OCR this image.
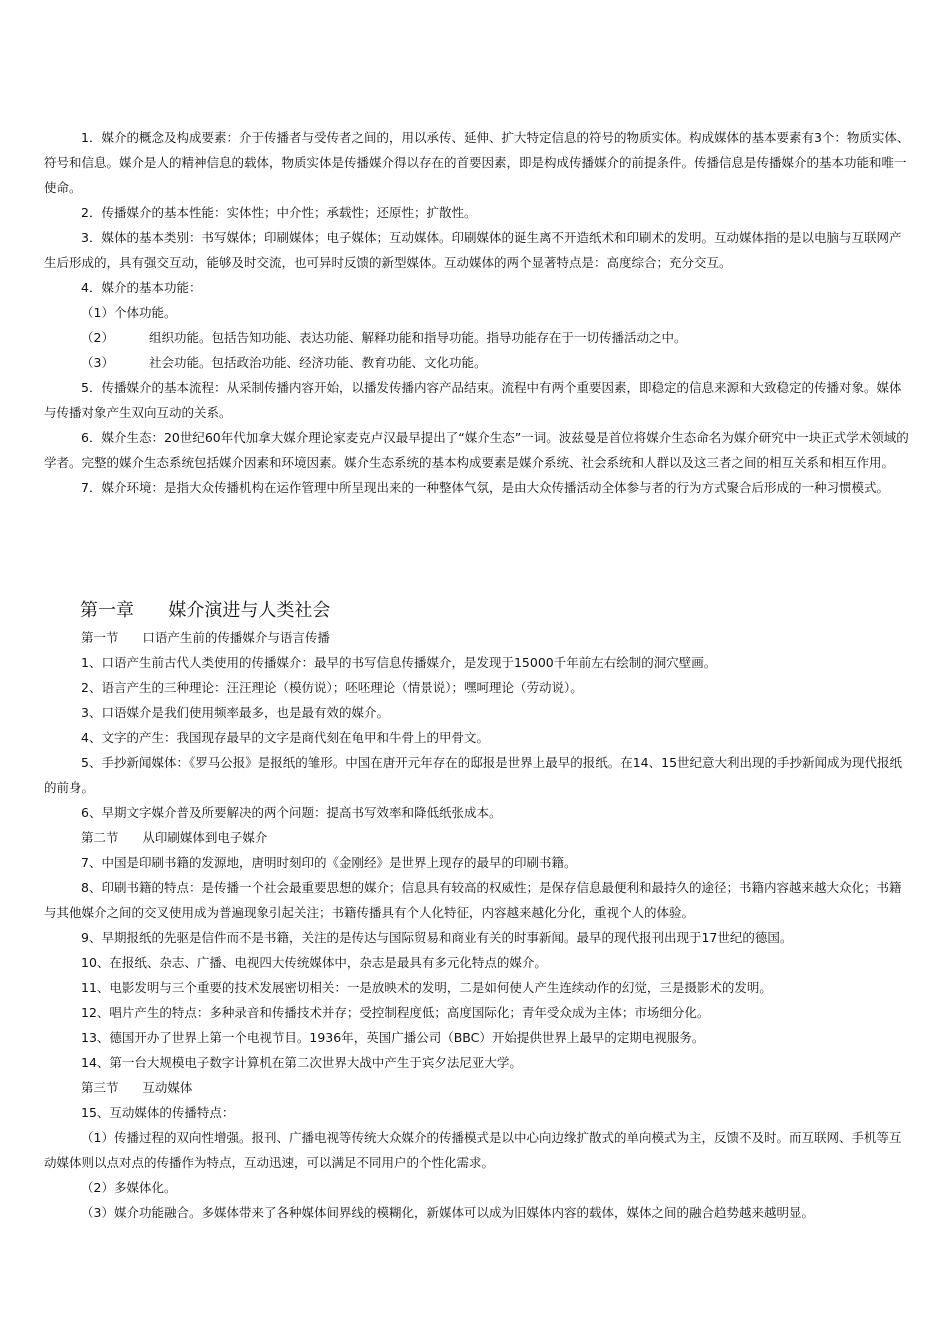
1．媒介的概念及构成要素：介于传播者与受传者之间的，用以承传、延伸、扩大特定信息的符号的物质实体。构成媒体的基本要素有3个：物质实体、符号和信息。媒介是人的精神信息的载体，物质实体是传播媒介得以存在的首要因素，即是构成传播媒介的前提条件。传播信息是传播媒介的基本功能和唯一使命。

2．传播媒介的基本性能：实体性；中介性；承载性；还原性；扩散性。

3．媒体的基本类别：书写媒体；印刷媒体；电子媒体；互动媒体。印刷媒体的诞生离不开造纸术和印刷术的发明。互动媒体指的是以电脑与互联网产生后形成的，具有强交互动，能够及时交流，也可异时反馈的新型媒体。互动媒体的两个显著特点是：高度综合；充分交互。

4．媒介的基本功能：

（1）个体功能。

（2）	组织功能。包括告知功能、表达功能、解释功能和指导功能。指导功能存在于一切传播活动之中。

（3）	社会功能。包括政治功能、经济功能、教育功能、文化功能。

5．传播媒介的基本流程：从采制传播内容开始，以播发传播内容产品结束。流程中有两个重要因素，即稳定的信息来源和大致稳定的传播对象。媒体与传播对象产生双向互动的关系。

6．媒介生态：20世纪60年代加拿大媒介理论家麦克卢汉最早提出了“媒介生态”一词。波兹曼是首位将媒介生态命名为媒介研究中一块正式学术领域的学者。完整的媒介生态系统包括媒介因素和环境因素。媒介生态系统的基本构成要素是媒介系统、社会系统和人群以及这三者之间的相互关系和相互作用。

7．媒介环境：是指大众传播机构在运作管理中所呈现出来的一种整体气氛，是由大众传播活动全体参与者的行为方式聚合后形成的一种习惯模式。

第一章      媒介演进与人类社会

第一节      口语产生前的传播媒介与语言传播

1、口语产生前古代人类使用的传播媒介：最早的书写信息传播媒介，是发现于15000千年前左右绘制的洞穴壁画。

2、语言产生的三种理论：汪汪理论（模仿说）；呸呸理论（情景说）；嘿呵理论（劳动说）。

3、口语媒介是我们使用频率最多，也是最有效的媒介。

4、文字的产生：我国现存最早的文字是商代刻在龟甲和牛骨上的甲骨文。

5、手抄新闻媒体：《罗马公报》是报纸的雏形。中国在唐开元年存在的邸报是世界上最早的报纸。在14、15世纪意大利出现的手抄新闻成为现代报纸的前身。

6、早期文字媒介普及所要解决的两个问题：提高书写效率和降低纸张成本。

第二节      从印刷媒体到电子媒介

7、中国是印刷书籍的发源地，唐明时刻印的《金刚经》是世界上现存的最早的印刷书籍。

8、印刷书籍的特点：是传播一个社会最重要思想的媒介；信息具有较高的权威性；是保存信息最便利和最持久的途径；书籍内容越来越大众化；书籍与其他媒介之间的交叉使用成为普遍现象引起关注；书籍传播具有个人化特征，内容越来越化分化，重视个人的体验。

9、早期报纸的先驱是信件而不是书籍，关注的是传达与国际贸易和商业有关的时事新闻。最早的现代报刊出现于17世纪的德国。

10、在报纸、杂志、广播、电视四大传统媒体中，杂志是最具有多元化特点的媒介。

11、电影发明与三个重要的技术发展密切相关：一是放映术的发明，二是如何使人产生连续动作的幻觉，三是摄影术的发明。

12、唱片产生的特点：多种录音和传播技术并存；受控制程度低；高度国际化；青年受众成为主体；市场细分化。

13、德国开办了世界上第一个电视节目。1936年，英国广播公司（BBC）开始提供世界上最早的定期电视服务。

14、第一台大规模电子数字计算机在第二次世界大战中产生于宾夕法尼亚大学。

第三节      互动媒体

15、互动媒体的传播特点：

（1）传播过程的双向性增强。报刊、广播电视等传统大众媒介的传播模式是以中心向边缘扩散式的单向模式为主，反馈不及时。而互联网、手机等互动媒体则以点对点的传播作为特点，互动迅速，可以满足不同用户的个性化需求。

（2）多媒体化。

（3）媒介功能融合。多媒体带来了各种媒体间界线的模糊化，新媒体可以成为旧媒体内容的载体，媒体之间的融合趋势越来越明显。
